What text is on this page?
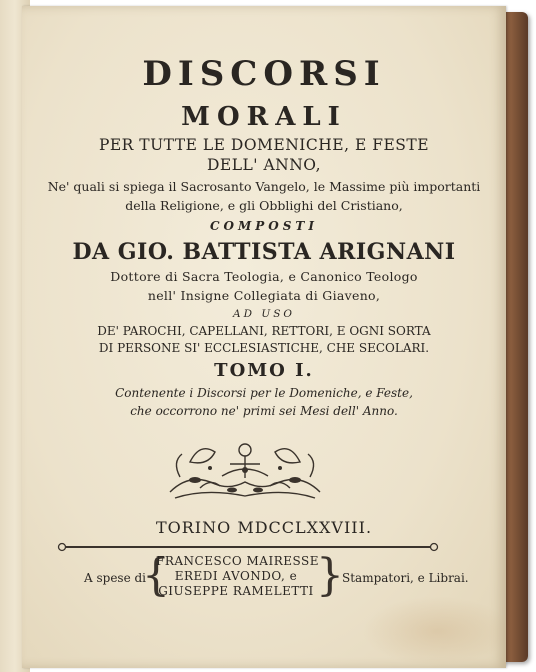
DISCORSI
MORALI
PER TUTTE LE DOMENICHE, E FESTE
DELL' ANNO,
Ne' quali si spiega il Sacrosanto Vangelo, le Massime più importanti
della Religione, e gli Obblighi del Cristiano,
COMPOSTI
DA GIO. BATTISTA ARIGNANI
Dottore di Sacra Teologia, e Canonico Teologo
nell' Insigne Collegiata di Giaveno,
AD USO
DE' PAROCHI, CAPELLANI, RETTORI, E OGNI SORTA
DI PERSONE SI' ECCLESIASTICHE, CHE SECOLARI.
TOMO I.
Contenente i Discorsi per le Domeniche, e Feste,
che occorrono ne' primi sei Mesi dell' Anno.
TORINO MDCCLXXVIII.
A spese di
{
FRANCESCO MAIRESSE
EREDI AVONDO, e
GIUSEPPE RAMELETTI }
Stampatori, e Librai.
